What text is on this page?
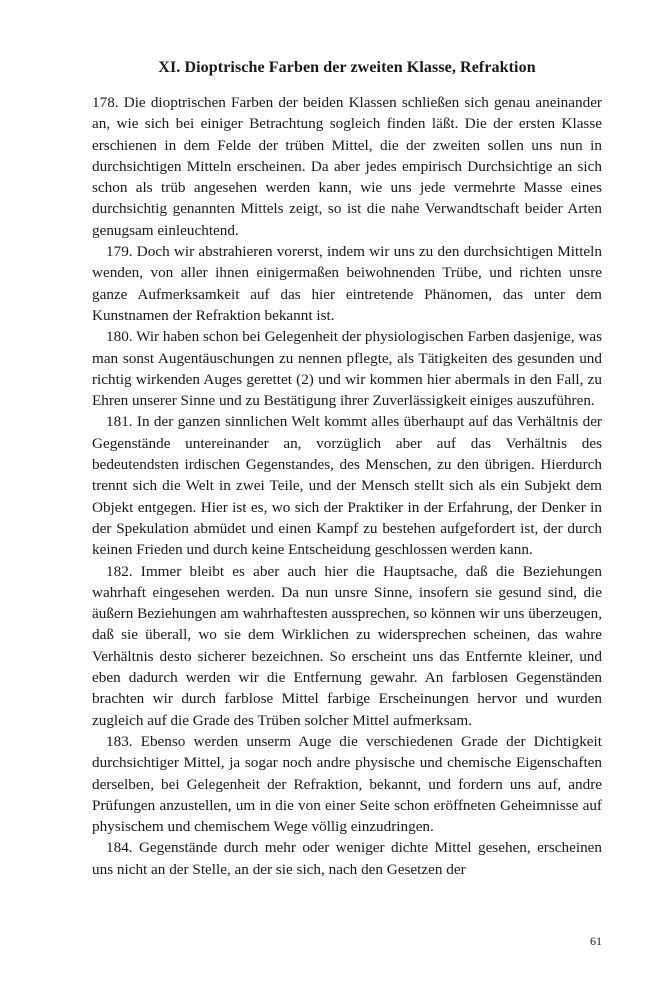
XI. Dioptrische Farben der zweiten Klasse, Refraktion

178. Die dioptrischen Farben der beiden Klassen schließen sich genau aneinander an, wie sich bei einiger Betrachtung sogleich finden läßt. Die der ersten Klasse erschienen in dem Felde der trüben Mittel, die der zweiten sollen uns nun in durchsichtigen Mitteln erscheinen. Da aber jedes empirisch Durchsichtige an sich schon als trüb angesehen werden kann, wie uns jede vermehrte Masse eines durchsichtig genannten Mittels zeigt, so ist die nahe Verwandtschaft beider Arten genugsam einleuchtend.

179. Doch wir abstrahieren vorerst, indem wir uns zu den durchsichtigen Mitteln wenden, von aller ihnen einigermaßen beiwohnenden Trübe, und richten unsre ganze Aufmerksamkeit auf das hier eintretende Phänomen, das unter dem Kunstnamen der Refraktion bekannt ist.

180. Wir haben schon bei Gelegenheit der physiologischen Farben dasjenige, was man sonst Augentäuschungen zu nennen pflegte, als Tätigkeiten des gesunden und richtig wirkenden Auges gerettet (2) und wir kommen hier abermals in den Fall, zu Ehren unserer Sinne und zu Bestätigung ihrer Zuverlässigkeit einiges auszuführen.

181. In der ganzen sinnlichen Welt kommt alles überhaupt auf das Verhältnis der Gegenstände untereinander an, vorzüglich aber auf das Verhältnis des bedeutendsten irdischen Gegenstandes, des Menschen, zu den übrigen. Hierdurch trennt sich die Welt in zwei Teile, und der Mensch stellt sich als ein Subjekt dem Objekt entgegen. Hier ist es, wo sich der Praktiker in der Erfahrung, der Denker in der Spekulation abmüdet und einen Kampf zu bestehen aufgefordert ist, der durch keinen Frieden und durch keine Entscheidung geschlossen werden kann.

182. Immer bleibt es aber auch hier die Hauptsache, daß die Beziehungen wahrhaft eingesehen werden. Da nun unsre Sinne, insofern sie gesund sind, die äußern Beziehungen am wahrhaftesten aussprechen, so können wir uns überzeugen, daß sie überall, wo sie dem Wirklichen zu widersprechen scheinen, das wahre Verhältnis desto sicherer bezeichnen. So erscheint uns das Entfernte kleiner, und eben dadurch werden wir die Entfernung gewahr. An farblosen Gegenständen brachten wir durch farblose Mittel farbige Erscheinungen hervor und wurden zugleich auf die Grade des Trüben solcher Mittel aufmerksam.

183. Ebenso werden unserm Auge die verschiedenen Grade der Dichtigkeit durchsichtiger Mittel, ja sogar noch andre physische und chemische Eigenschaften derselben, bei Gelegenheit der Refraktion, bekannt, und fordern uns auf, andre Prüfungen anzustellen, um in die von einer Seite schon eröffneten Geheimnisse auf physischem und chemischem Wege völlig einzudringen.

184. Gegenstände durch mehr oder weniger dichte Mittel gesehen, erscheinen uns nicht an der Stelle, an der sie sich, nach den Gesetzen der

61
